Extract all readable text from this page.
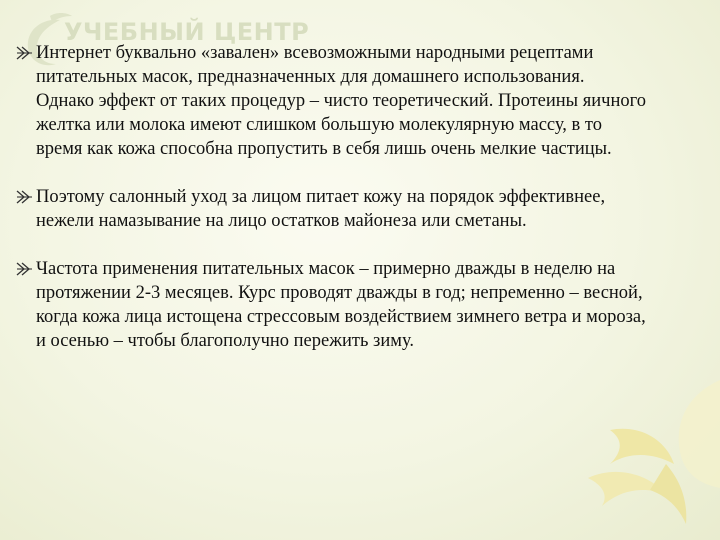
УЧЕБНЫЙ ЦЕНТР
Интернет буквально «завален» всевозможными народными рецептами питательных масок, предназначенных для домашнего использования. Однако эффект от таких процедур – чисто теоретический. Протеины яичного желтка или молока имеют слишком большую молекулярную массу, в то время как кожа способна пропустить в себя лишь очень мелкие частицы.
Поэтому салонный уход за лицом питает кожу на порядок эффективнее, нежели намазывание на лицо остатков майонеза или сметаны.
Частота применения питательных масок – примерно дважды в неделю на протяжении 2-3 месяцев. Курс проводят дважды в год; непременно – весной, когда кожа лица истощена стрессовым воздействием зимнего ветра и мороза, и осенью – чтобы благополучно пережить зиму.
